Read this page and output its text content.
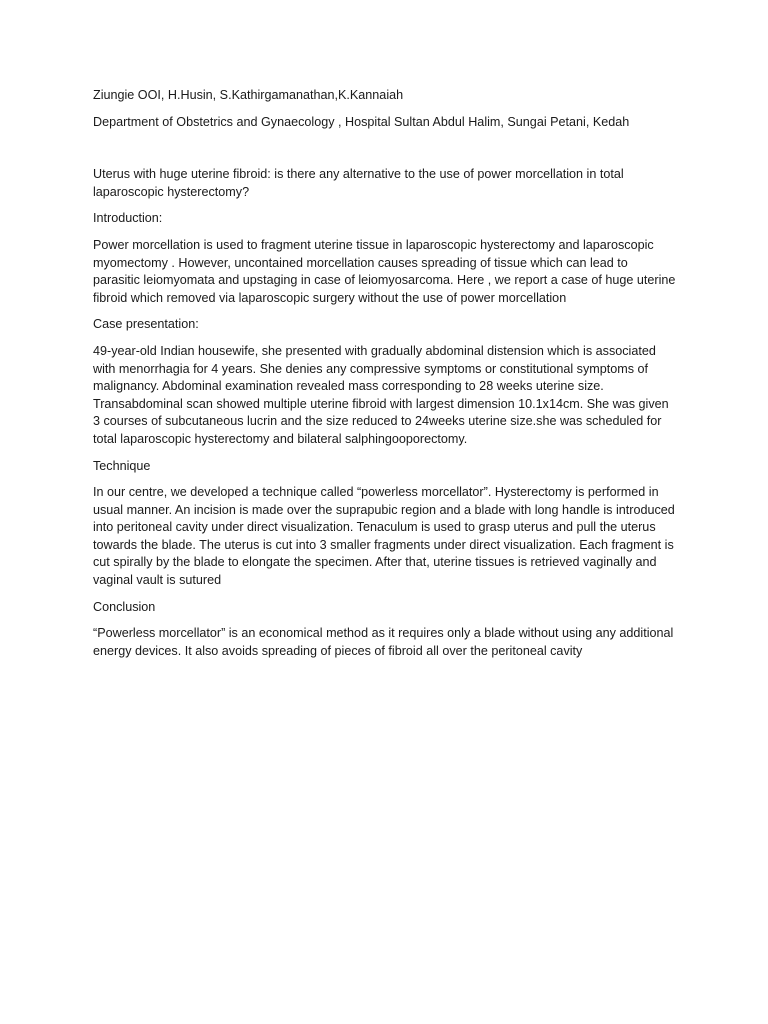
Ziungie OOI, H.Husin, S.Kathirgamanathan,K.Kannaiah

Department of Obstetrics and Gynaecology , Hospital Sultan Abdul Halim, Sungai Petani, Kedah

Uterus with huge uterine fibroid: is there any alternative to the use of power morcellation in total laparoscopic hysterectomy?

Introduction:

Power morcellation is used to fragment uterine tissue in laparoscopic hysterectomy and laparoscopic myomectomy . However, uncontained morcellation causes spreading of tissue which can lead to parasitic leiomyomata and upstaging in case of leiomyosarcoma. Here , we report a case of huge uterine fibroid which removed via laparoscopic surgery without the use of power morcellation

Case presentation:

49-year-old Indian housewife, she presented with gradually abdominal distension which is associated with menorrhagia for 4 years. She denies any compressive symptoms or constitutional symptoms of malignancy. Abdominal examination revealed mass corresponding to 28 weeks uterine size. Transabdominal scan showed multiple uterine fibroid with largest dimension 10.1x14cm. She was given 3 courses of subcutaneous lucrin and the size reduced to 24weeks uterine size.she was scheduled for total laparoscopic hysterectomy and bilateral salphingooporectomy.

Technique

In our centre, we developed a technique called “powerless morcellator”. Hysterectomy is performed in usual manner. An incision is made over the suprapubic region and a blade with long handle is introduced into peritoneal cavity under direct visualization. Tenaculum is used to grasp uterus and pull the uterus towards the blade. The uterus is cut into 3 smaller fragments under direct visualization. Each fragment is cut spirally by the blade to elongate the specimen. After that, uterine tissues is retrieved vaginally and vaginal vault is sutured

Conclusion

“Powerless morcellator” is an economical method as it requires only a blade without using any additional energy devices. It also avoids spreading of pieces of fibroid all over the peritoneal cavity
